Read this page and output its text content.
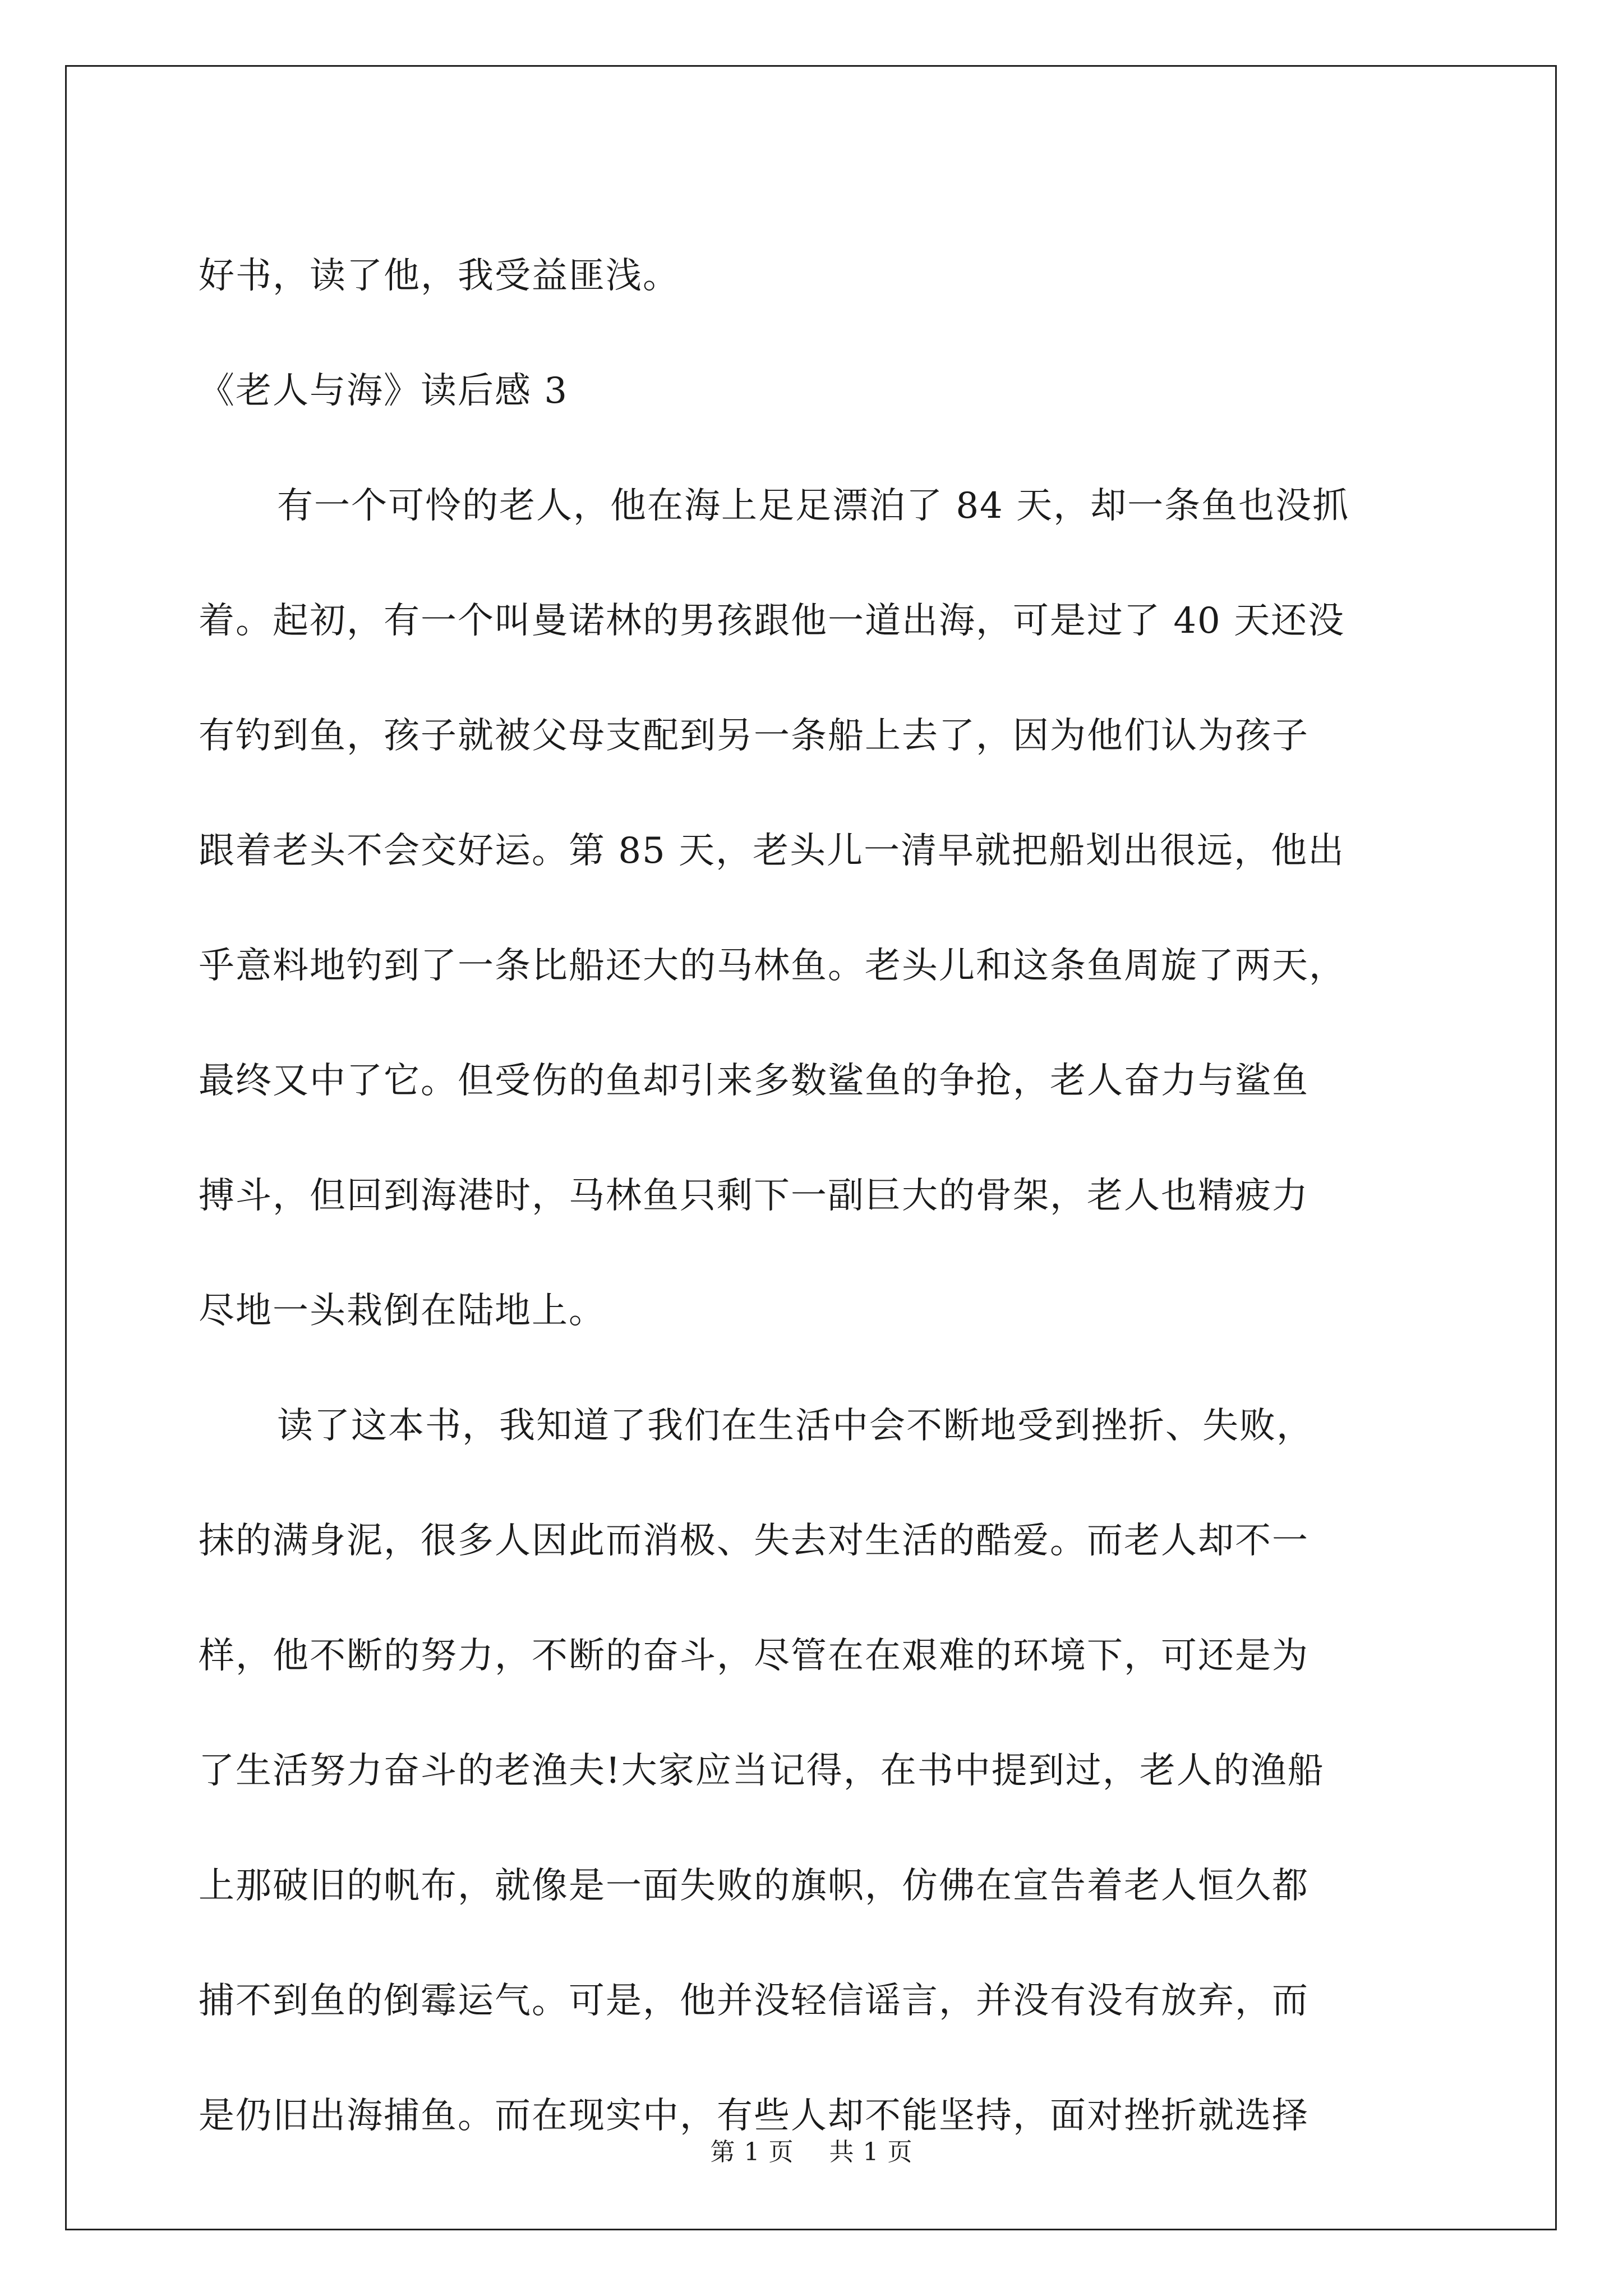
好书，读了他，我受益匪浅。

《老人与海》读后感 3

有一个可怜的老人，他在海上足足漂泊了 84 天，却一条鱼也没抓

着。起初，有一个叫曼诺林的男孩跟他一道出海，可是过了 40 天还没

有钓到鱼，孩子就被父母支配到另一条船上去了，因为他们认为孩子

跟着老头不会交好运。第 85 天，老头儿一清早就把船划出很远，他出

乎意料地钓到了一条比船还大的马林鱼。老头儿和这条鱼周旋了两天，

最终又中了它。但受伤的鱼却引来多数鲨鱼的争抢，老人奋力与鲨鱼

搏斗，但回到海港时，马林鱼只剩下一副巨大的骨架，老人也精疲力

尽地一头栽倒在陆地上。

读了这本书，我知道了我们在生活中会不断地受到挫折、失败，

抹的满身泥，很多人因此而消极、失去对生活的酷爱。而老人却不一

样，他不断的努力，不断的奋斗，尽管在在艰难的环境下，可还是为

了生活努力奋斗的老渔夫!大家应当记得，在书中提到过，老人的渔船

上那破旧的帆布，就像是一面失败的旗帜，仿佛在宣告着老人恒久都

捕不到鱼的倒霉运气。可是，他并没轻信谣言，并没有没有放弃，而

是仍旧出海捕鱼。而在现实中，有些人却不能坚持，面对挫折就选择

第 1 页 共 1 页
